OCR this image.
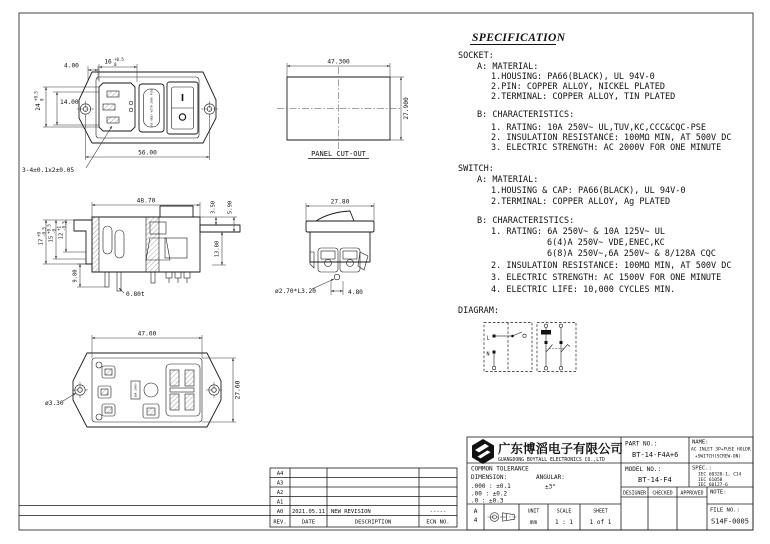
USE ONLY WITH 250V FUSE
16 +0.5
0
4.00
24
+0.5 0	14.00
56.00
3-4±0.1x2±0.05
47.300
27.900
PANEL CUT-OUT
48.70	3.50 5.90
13.80
9.80
0.80t
17
+0 -0.5
15
+0.5 -0
12
+1 -0.5
27.80
ø2.70*L3.20	4.80
10A 250V~
47.00
27.60
ø3.30
SPECIFICATION
SOCKET:
A: MATERIAL:
1.HOUSING: PA66(BLACK), UL 94V-0
2.PIN: COPPER ALLOY, NICKEL PLATED
2.TERMINAL: COPPER ALLOY, TIN PLATED
B: CHARACTERISTICS:
1. RATING: 10A 250V~ UL,TUV,KC,CCC&CQC-PSE
2. INSULATION RESISTANCE: 100MΩ MIN, AT 500V DC
3. ELECTRIC STRENGTH: AC 2000V FOR ONE MINUTE
SWITCH:
A: MATERIAL:
1.HOUSING & CAP: PA66(BLACK), UL 94V-0
2.TERMINAL: COPPER ALLOY, Ag PLATED
B: CHARACTERISTICS:
1. RATING: 6A 250V~ & 10A 125V~ UL
6(4)A 250V~ VDE,ENEC,KC
6(8)A 250V~,6A 250V~ & 8/128A CQC
2. INSULATION RESISTANCE: 100MΩ MIN, AT 500V DC
3. ELECTRIC STRENGTH: AC 1500V FOR ONE MINUTE
4. ELECTRIC LIFE: 10,000 CYCLES MIN.
DIAGRAM:
L
N
A4
A3
A2
A1
A0 2021.05.11 NEW REVISION	-----
REV.	DATE	DESCRIPTION	ECN NO.
广东博滔电子有限公司
GUANGDONG BOYTALL ELECTRONICS CO.,LTD
PART NO.:
BT-14-F4A+6
NAME:
AC INLET 3P+FUSE HOLDR
+SWITCH(SCREW-ON)
MODEL NO.:
BT-14-F4
SPEC.:
IEC 60320-1, C14
IEC 61058
IEC 60127-6
DESIGNER CHECKED APPROVED NOTE:
FILE NO.:
S14F-0005
COMMON TOLERANCE
DIMENSION:	ANGULAR:
.000 : ±0.1	±3°
.00 : ±0.2
.0 : ±0.3
A
4
UNIT
mm
SCALE
1 : 1
SHEET
1 of 1
